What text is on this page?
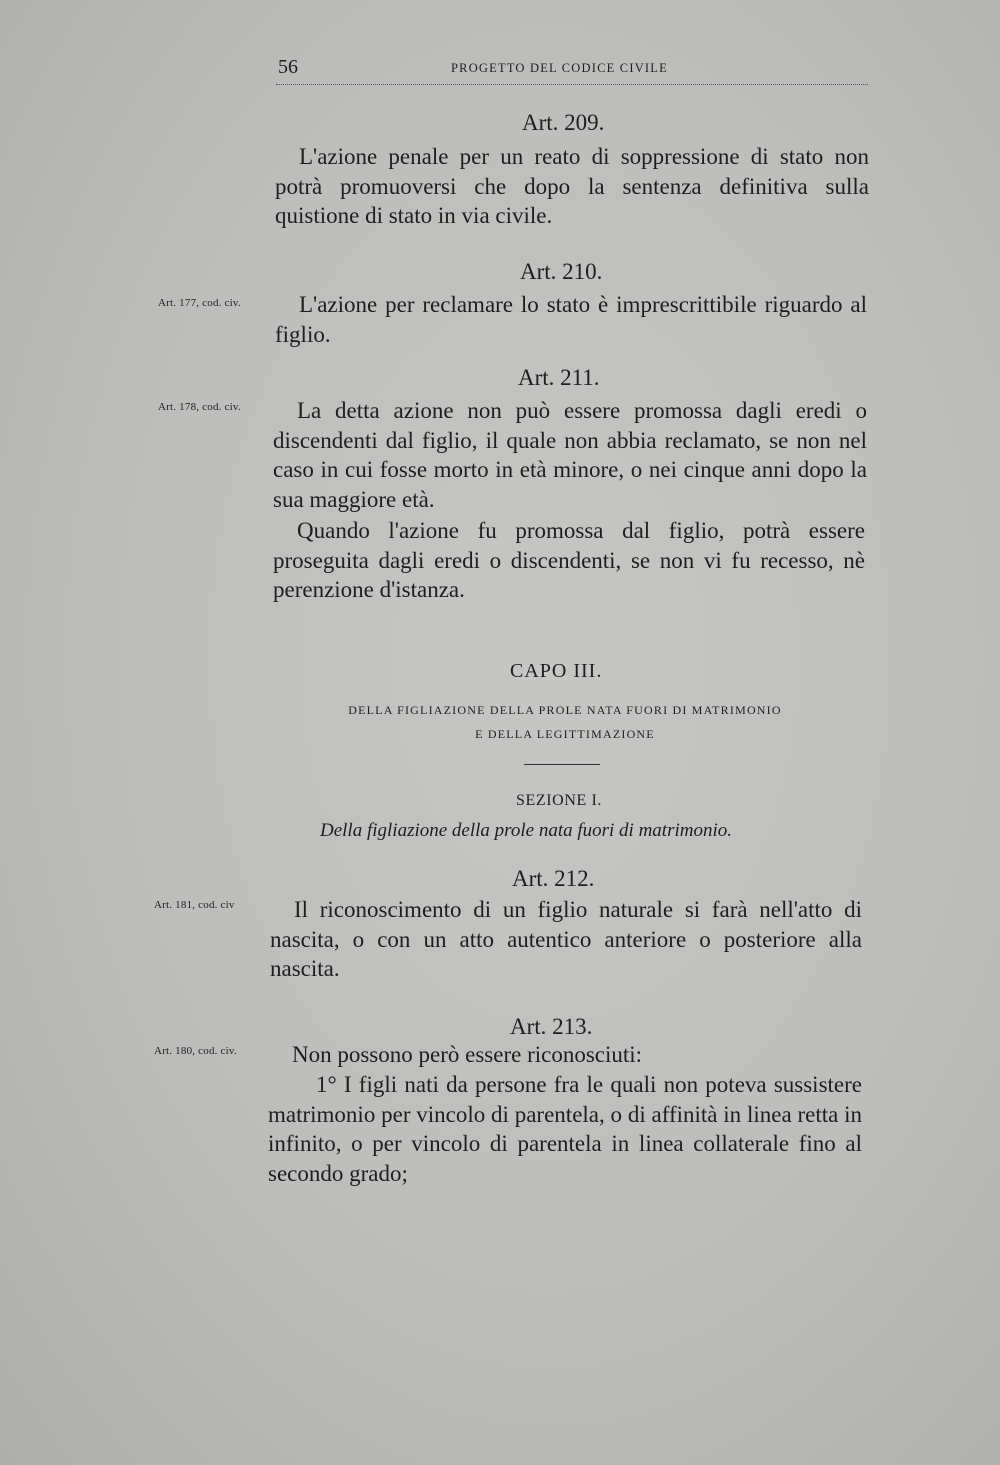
56	PROGETTO DEL CODICE CIVILE
Art. 209.

L'azione penale per un reato di soppressione di stato non potrà promuoversi che dopo la sentenza definitiva sulla quistione di stato in via civile.

Art. 210.
Art. 177, cod. civ.	L'azione per reclamare lo stato è imprescrittibile riguardo al figlio.

Art. 211.
Art. 178, cod. civ.	La detta azione non può essere promossa dagli eredi o discendenti dal figlio, il quale non abbia reclamato, se non nel caso in cui fosse morto in età minore, o nei cinque anni dopo la sua maggiore età.

Quando l'azione fu promossa dal figlio, potrà essere proseguita dagli eredi o discendenti, se non vi fu recesso, nè perenzione d'istanza.

CAPO III.
DELLA FIGLIAZIONE DELLA PROLE NATA FUORI DI MATRIMONIO
E DELLA LEGITTIMAZIONE
SEZIONE I.
Della figliazione della prole nata fuori di matrimonio.
Art. 212.
Art. 181, cod. civ	Il riconoscimento di un figlio naturale si farà nell'atto di nascita, o con un atto autentico anteriore o posteriore alla nascita.

Art. 213.
Art. 180, cod. civ.	Non possono però essere riconosciuti:

1° I figli nati da persone fra le quali non poteva sussistere matrimonio per vincolo di parentela, o di affinità in linea retta in infinito, o per vincolo di parentela in linea collaterale fino al secondo grado;
